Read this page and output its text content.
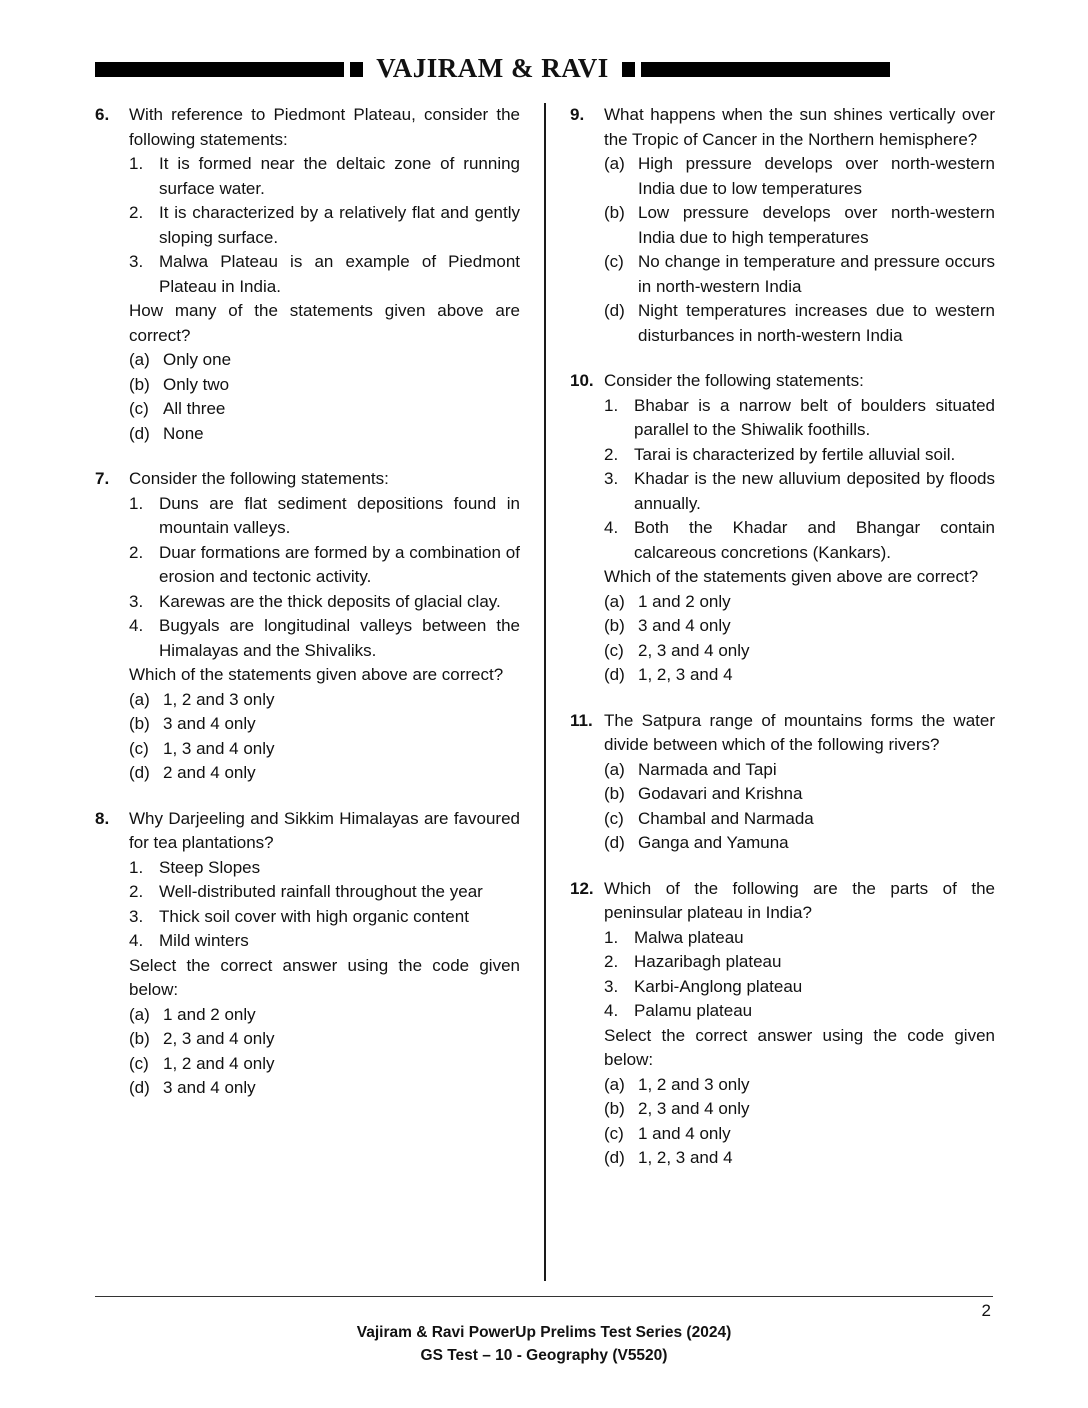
VAJIRAM & RAVI
6. With reference to Piedmont Plateau, consider the following statements:
1. It is formed near the deltaic zone of running surface water.
2. It is characterized by a relatively flat and gently sloping surface.
3. Malwa Plateau is an example of Piedmont Plateau in India.
How many of the statements given above are correct?
(a) Only one
(b) Only two
(c) All three
(d) None
7. Consider the following statements:
1. Duns are flat sediment depositions found in mountain valleys.
2. Duar formations are formed by a combination of erosion and tectonic activity.
3. Karewas are the thick deposits of glacial clay.
4. Bugyals are longitudinal valleys between the Himalayas and the Shivaliks.
Which of the statements given above are correct?
(a) 1, 2 and 3 only
(b) 3 and 4 only
(c) 1, 3 and 4 only
(d) 2 and 4 only
8. Why Darjeeling and Sikkim Himalayas are favoured for tea plantations?
1. Steep Slopes
2. Well-distributed rainfall throughout the year
3. Thick soil cover with high organic content
4. Mild winters
Select the correct answer using the code given below:
(a) 1 and 2 only
(b) 2, 3 and 4 only
(c) 1, 2 and 4 only
(d) 3 and 4 only
9. What happens when the sun shines vertically over the Tropic of Cancer in the Northern hemisphere?
(a) High pressure develops over north-western India due to low temperatures
(b) Low pressure develops over north-western India due to high temperatures
(c) No change in temperature and pressure occurs in north-western India
(d) Night temperatures increases due to western disturbances in north-western India
10. Consider the following statements:
1. Bhabar is a narrow belt of boulders situated parallel to the Shiwalik foothills.
2. Tarai is characterized by fertile alluvial soil.
3. Khadar is the new alluvium deposited by floods annually.
4. Both the Khadar and Bhangar contain calcareous concretions (Kankars).
Which of the statements given above are correct?
(a) 1 and 2 only
(b) 3 and 4 only
(c) 2, 3 and 4 only
(d) 1, 2, 3 and 4
11. The Satpura range of mountains forms the water divide between which of the following rivers?
(a) Narmada and Tapi
(b) Godavari and Krishna
(c) Chambal and Narmada
(d) Ganga and Yamuna
12. Which of the following are the parts of the peninsular plateau in India?
1. Malwa plateau
2. Hazaribagh plateau
3. Karbi-Anglong plateau
4. Palamu plateau
Select the correct answer using the code given below:
(a) 1, 2 and 3 only
(b) 2, 3 and 4 only
(c) 1 and 4 only
(d) 1, 2, 3 and 4
2
Vajiram & Ravi PowerUp Prelims Test Series (2024)
GS Test – 10 - Geography (V5520)
